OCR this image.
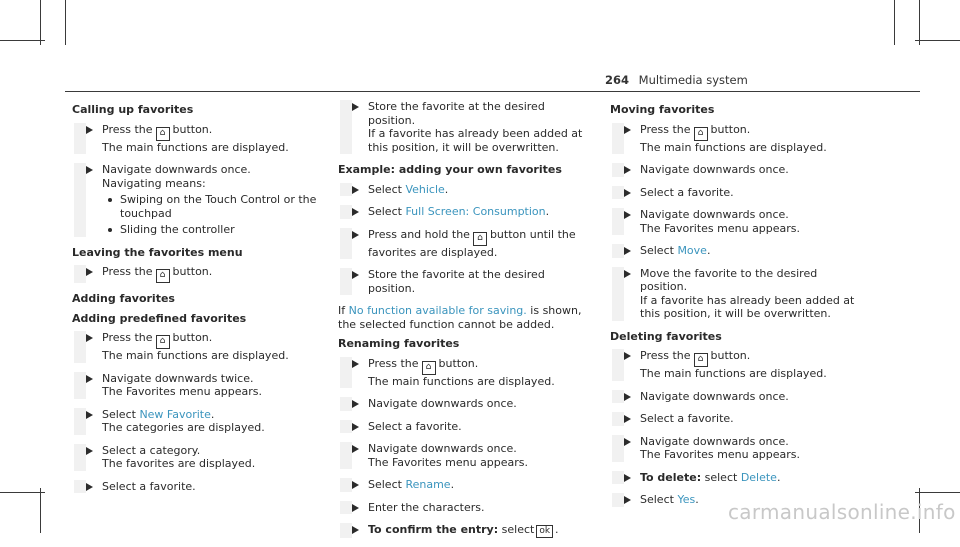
264 Multimedia system
Calling up favorites
Press the ⌂ button.
The main functions are displayed.
Navigate downwards once.
Navigating means:
Swiping on the Touch Control or the touchpad
Sliding the controller
Leaving the favorites menu
Press the ⌂ button.
Adding favorites
Adding predefined favorites
Press the ⌂ button.
The main functions are displayed.
Navigate downwards twice.
The Favorites menu appears.
Select New Favorite.
The categories are displayed.
Select a category.
The favorites are displayed.
Select a favorite.
Store the favorite at the desired position.
If a favorite has already been added at this position, it will be overwritten.
Example: adding your own favorites
Select Vehicle.
Select Full Screen: Consumption.
Press and hold the ⌂ button until the favorites are displayed.
Store the favorite at the desired position.
If No function available for saving. is shown, the selected function cannot be added.
Renaming favorites
Press the ⌂ button.
The main functions are displayed.
Navigate downwards once.
Select a favorite.
Navigate downwards once.
The Favorites menu appears.
Select Rename.
Enter the characters.
To confirm the entry: select ok .
Moving favorites
Press the ⌂ button.
The main functions are displayed.
Navigate downwards once.
Select a favorite.
Navigate downwards once.
The Favorites menu appears.
Select Move.
Move the favorite to the desired position.
If a favorite has already been added at this position, it will be overwritten.
Deleting favorites
Press the ⌂ button.
The main functions are displayed.
Navigate downwards once.
Select a favorite.
Navigate downwards once.
The Favorites menu appears.
To delete: select Delete.
Select Yes.
carmanualsonline.info
